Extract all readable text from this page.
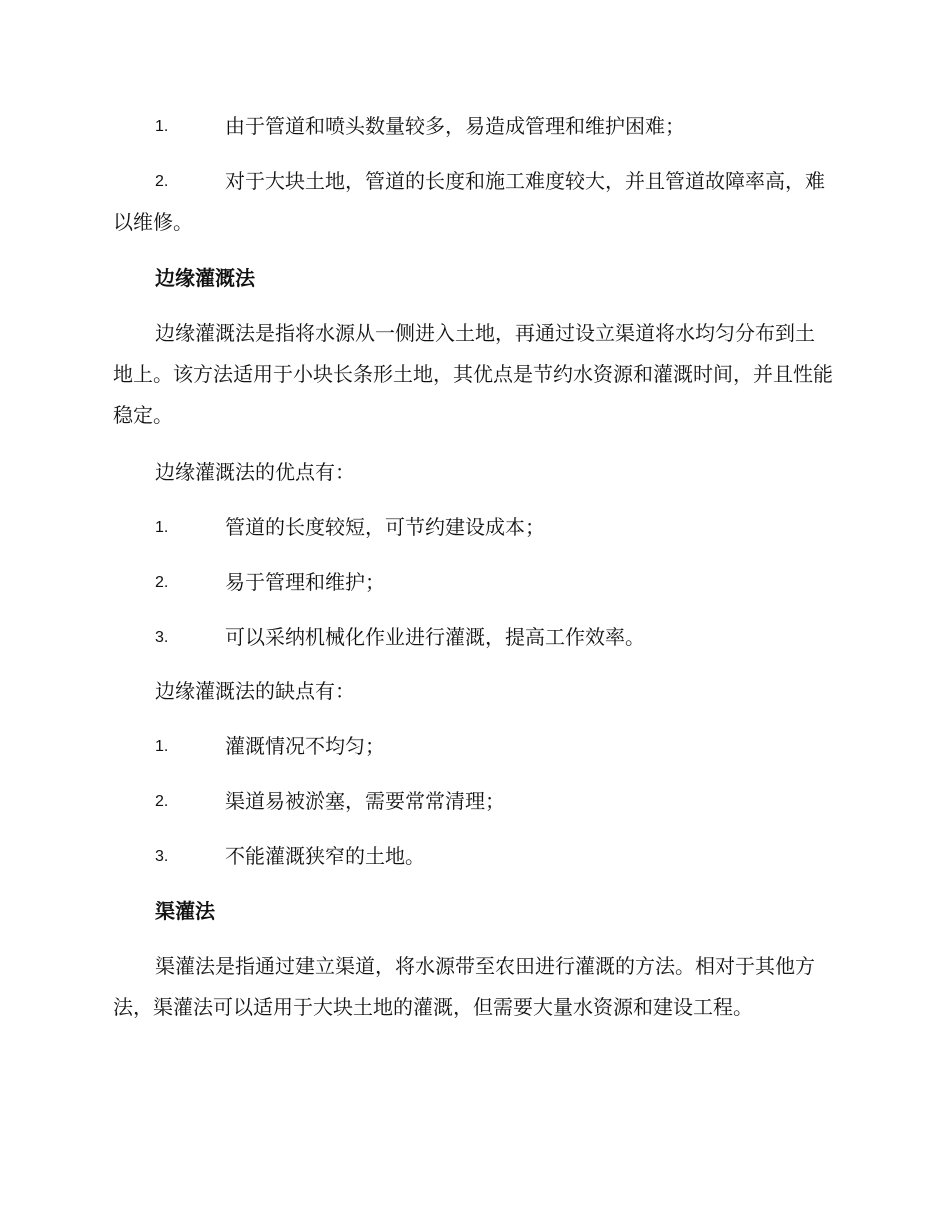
1.	由于管道和喷头数量较多，易造成管理和维护困难；
2.	对于大块土地，管道的长度和施工难度较大，并且管道故障率高，难以维修。
边缘灌溉法
边缘灌溉法是指将水源从一侧进入土地，再通过设立渠道将水均匀分布到土地上。该方法适用于小块长条形土地，其优点是节约水资源和灌溉时间，并且性能稳定。
边缘灌溉法的优点有：
1.	管道的长度较短，可节约建设成本；
2.	易于管理和维护；
3.	可以采纳机械化作业进行灌溉，提高工作效率。
边缘灌溉法的缺点有：
1.	灌溉情况不均匀；
2.	渠道易被淤塞，需要常常清理；
3.	不能灌溉狭窄的土地。
渠灌法
渠灌法是指通过建立渠道，将水源带至农田进行灌溉的方法。相对于其他方法，渠灌法可以适用于大块土地的灌溉，但需要大量水资源和建设工程。
